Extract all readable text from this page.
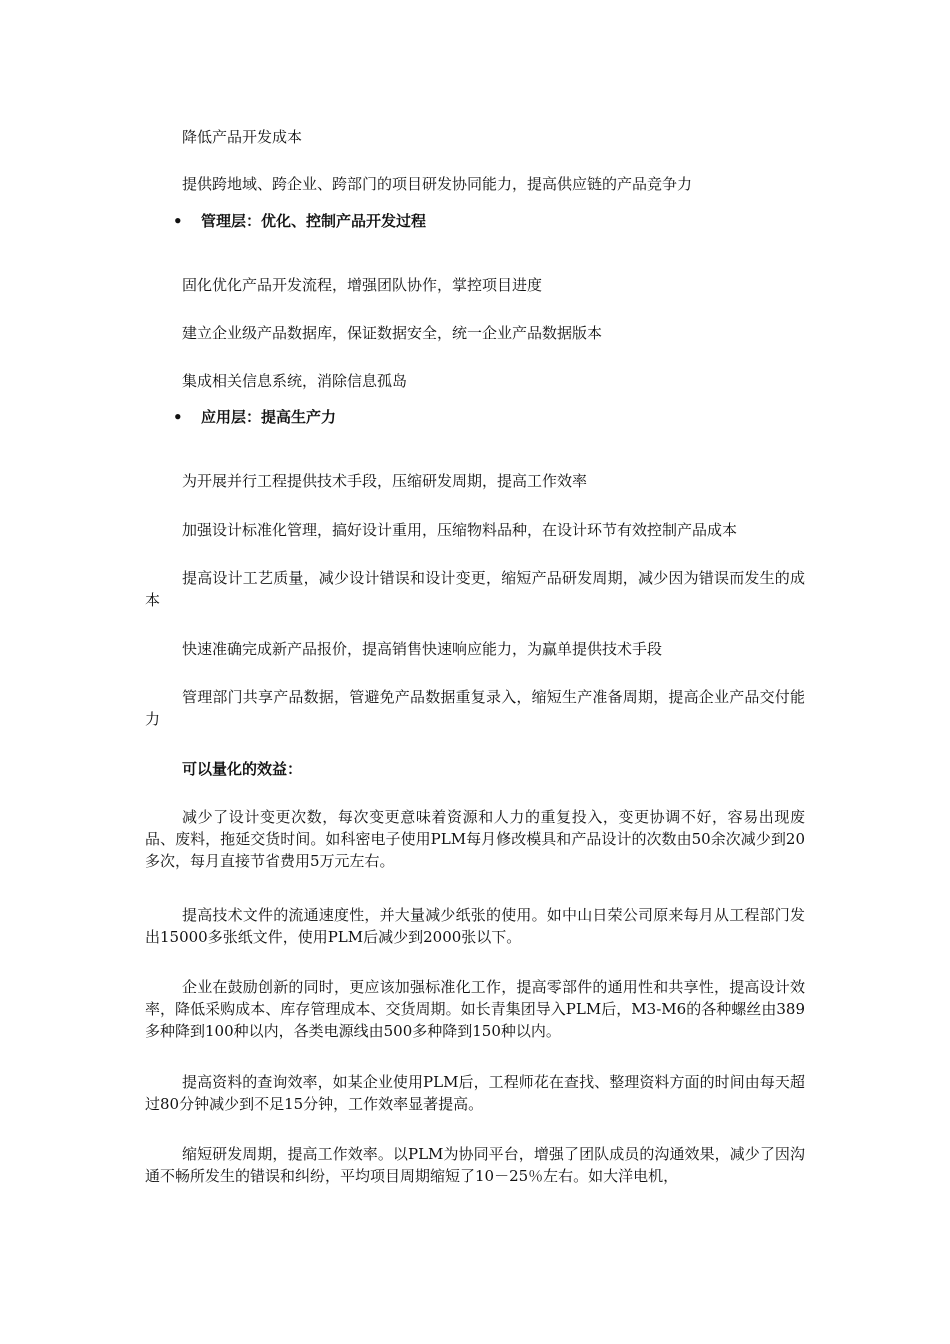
降低产品开发成本
提供跨地域、跨企业、跨部门的项目研发协同能力，提高供应链的产品竞争力
• 管理层：优化、控制产品开发过程
固化优化产品开发流程，增强团队协作，掌控项目进度
建立企业级产品数据库，保证数据安全，统一企业产品数据版本
集成相关信息系统，消除信息孤岛
• 应用层：提高生产力
为开展并行工程提供技术手段，压缩研发周期，提高工作效率
加强设计标准化管理，搞好设计重用，压缩物料品种，在设计环节有效控制产品成本
提高设计工艺质量，减少设计错误和设计变更，缩短产品研发周期，减少因为错误而发生的成本
快速准确完成新产品报价，提高销售快速响应能力，为赢单提供技术手段
管理部门共享产品数据，管避免产品数据重复录入，缩短生产准备周期，提高企业产品交付能力
可以量化的效益：
减少了设计变更次数，每次变更意味着资源和人力的重复投入，变更协调不好，容易出现废品、废料，拖延交货时间。如科密电子使用PLM每月修改模具和产品设计的次数由50余次减少到20多次，每月直接节省费用5万元左右。
提高技术文件的流通速度性，并大量减少纸张的使用。如中山日荣公司原来每月从工程部门发出15000多张纸文件，使用PLM后减少到2000张以下。
企业在鼓励创新的同时，更应该加强标准化工作，提高零部件的通用性和共享性，提高设计效率，降低采购成本、库存管理成本、交货周期。如长青集团导入PLM后，M3-M6的各种螺丝由389多种降到100种以内，各类电源线由500多种降到150种以内。
提高资料的查询效率，如某企业使用PLM后，工程师花在查找、整理资料方面的时间由每天超过80分钟减少到不足15分钟，工作效率显著提高。
缩短研发周期，提高工作效率。以PLM为协同平台，增强了团队成员的沟通效果，减少了因沟通不畅所发生的错误和纠纷，平均项目周期缩短了10－25％左右。如大洋电机，
